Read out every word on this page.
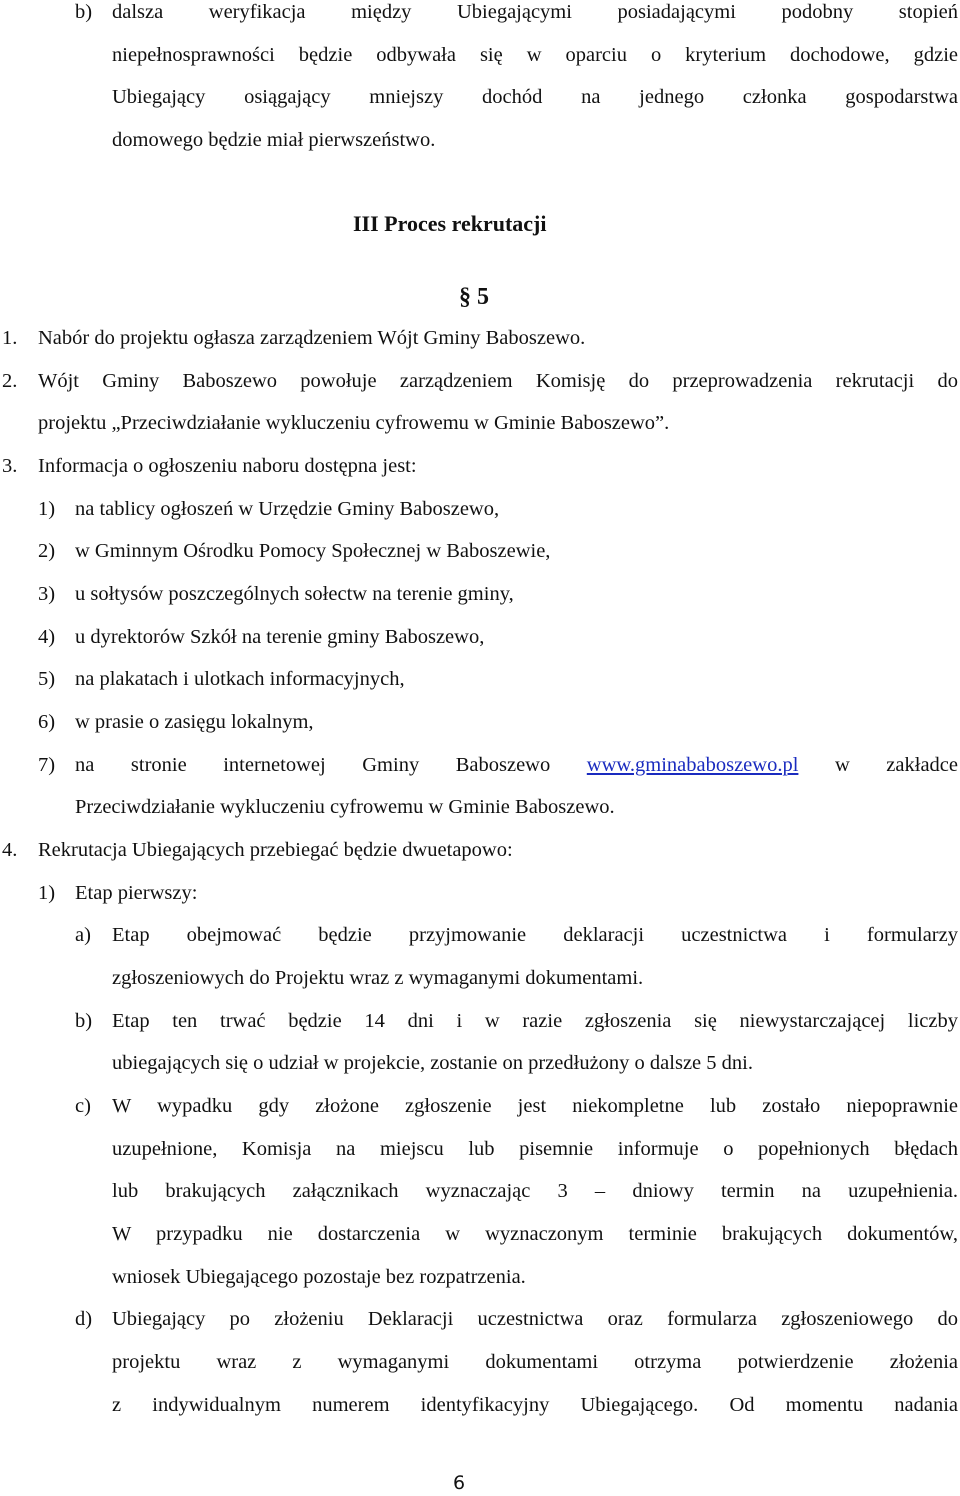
b) dalsza weryfikacja między Ubiegającymi posiadającymi podobny stopień
niepełnosprawności będzie odbywała się w oparciu o kryterium dochodowe, gdzie
Ubiegający osiągający mniejszy dochód na jednego członka gospodarstwa
domowego będzie miał pierwszeństwo.
III Proces rekrutacji
§ 5
1. Nabór do projektu ogłasza zarządzeniem Wójt Gminy Baboszewo.
2. Wójt Gminy Baboszewo powołuje zarządzeniem Komisję do przeprowadzenia rekrutacji do
projektu „Przeciwdziałanie wykluczeniu cyfrowemu w Gminie Baboszewo”.
3. Informacja o ogłoszeniu naboru dostępna jest:
1) na tablicy ogłoszeń w Urzędzie Gminy Baboszewo,
2) w Gminnym Ośrodku Pomocy Społecznej w Baboszewie,
3) u sołtysów poszczególnych sołectw na terenie gminy,
4) u dyrektorów Szkół na terenie gminy Baboszewo,
5) na plakatach i ulotkach informacyjnych,
6) w prasie o zasięgu lokalnym,
7) na stronie internetowej Gminy Baboszewo www.gminababoszewo.pl w zakładce
Przeciwdziałanie wykluczeniu cyfrowemu w Gminie Baboszewo.
4. Rekrutacja Ubiegających przebiegać będzie dwuetapowo:
1) Etap pierwszy:
a) Etap obejmować będzie przyjmowanie deklaracji uczestnictwa i formularzy
zgłoszeniowych do Projektu wraz z wymaganymi dokumentami.
b) Etap ten trwać będzie 14 dni i w razie zgłoszenia się niewystarczającej liczby
ubiegających się o udział w projekcie, zostanie on przedłużony o dalsze 5 dni.
c) W wypadku gdy złożone zgłoszenie jest niekompletne lub zostało niepoprawnie
uzupełnione, Komisja na miejscu lub pisemnie informuje o popełnionych błędach
lub brakujących załącznikach wyznaczając 3 – dniowy termin na uzupełnienia.
W przypadku nie dostarczenia w wyznaczonym terminie brakujących dokumentów,
wniosek Ubiegającego pozostaje bez rozpatrzenia.
d) Ubiegający po złożeniu Deklaracji uczestnictwa oraz formularza zgłoszeniowego do
projektu wraz z wymaganymi dokumentami otrzyma potwierdzenie złożenia
z indywidualnym numerem identyfikacyjny Ubiegającego. Od momentu nadania
6
